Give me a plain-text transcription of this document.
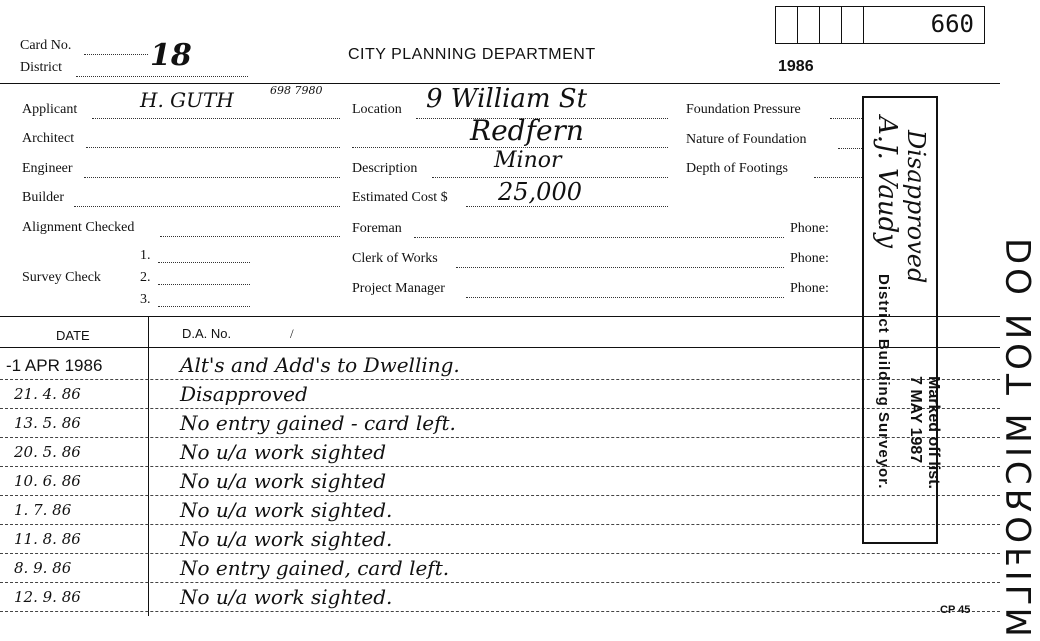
660
Card No.	18
District
CITY PLANNING DEPARTMENT
1986
Applicant	H. GUTH	698 7980
Architect
Engineer
Builder
Alignment Checked
Survey Check
1.
2.
3.
Location 9 William St
Redfern
Description	Minor
Estimated Cost $ 25,000
Foreman
Clerk of Works
Project Manager
Foundation Pressure
Nature of Foundation
Depth of Footings
Phone:
Phone:
Phone:
DATE	D.A. No.	/
-1 APR 1986	Alt's and Add's to Dwelling.
21. 4. 86	Disapproved
13. 5. 86	No entry gained - card left.
20. 5. 86	No u/a work sighted
10. 6. 86	No u/a work sighted
1. 7. 86	No u/a work sighted.
11. 8. 86	No u/a work sighted.
8. 9. 86	No entry gained, card left.
12. 9. 86	No u/a work sighted.
Disapproved
A.J. Vaudy
District Building Surveyor. Marked off list.
7 MAY 1987 DO NOT MICROFILM
CP 45
